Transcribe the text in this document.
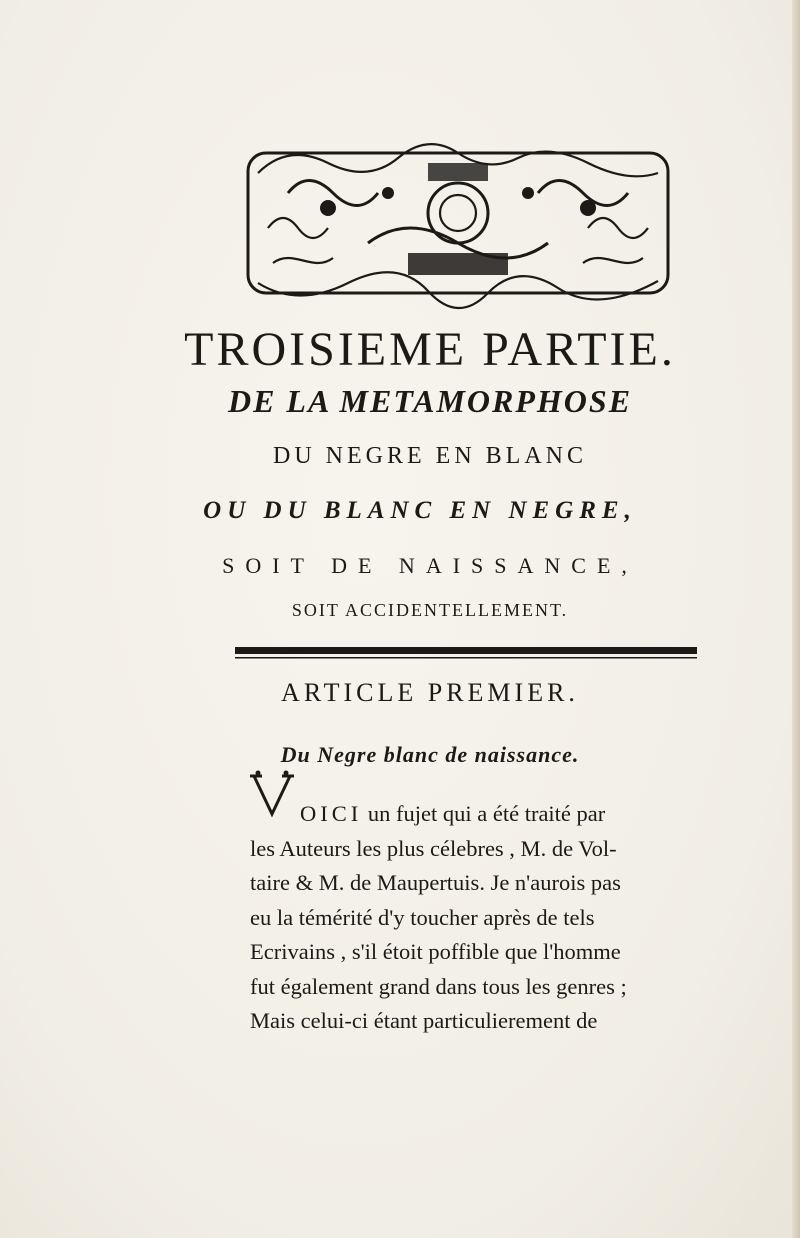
TROISIEME PARTIE.
DE LA METAMORPHOSE
DU NEGRE EN BLANC
OU DU BLANC EN NEGRE,
SOIT DE NAISSANCE,
SOIT ACCIDENTELLEMENT.
ARTICLE PREMIER.
Du Negre blanc de naissance.
OICI un fujet qui a été traité par
les Auteurs les plus célebres , M. de Vol-
taire & M. de Maupertuis. Je n'aurois pas
eu la témérité d'y toucher après de tels
Ecrivains , s'il étoit poffible que l'homme
fut également grand dans tous les genres ;
Mais celui-ci étant particulierement de
